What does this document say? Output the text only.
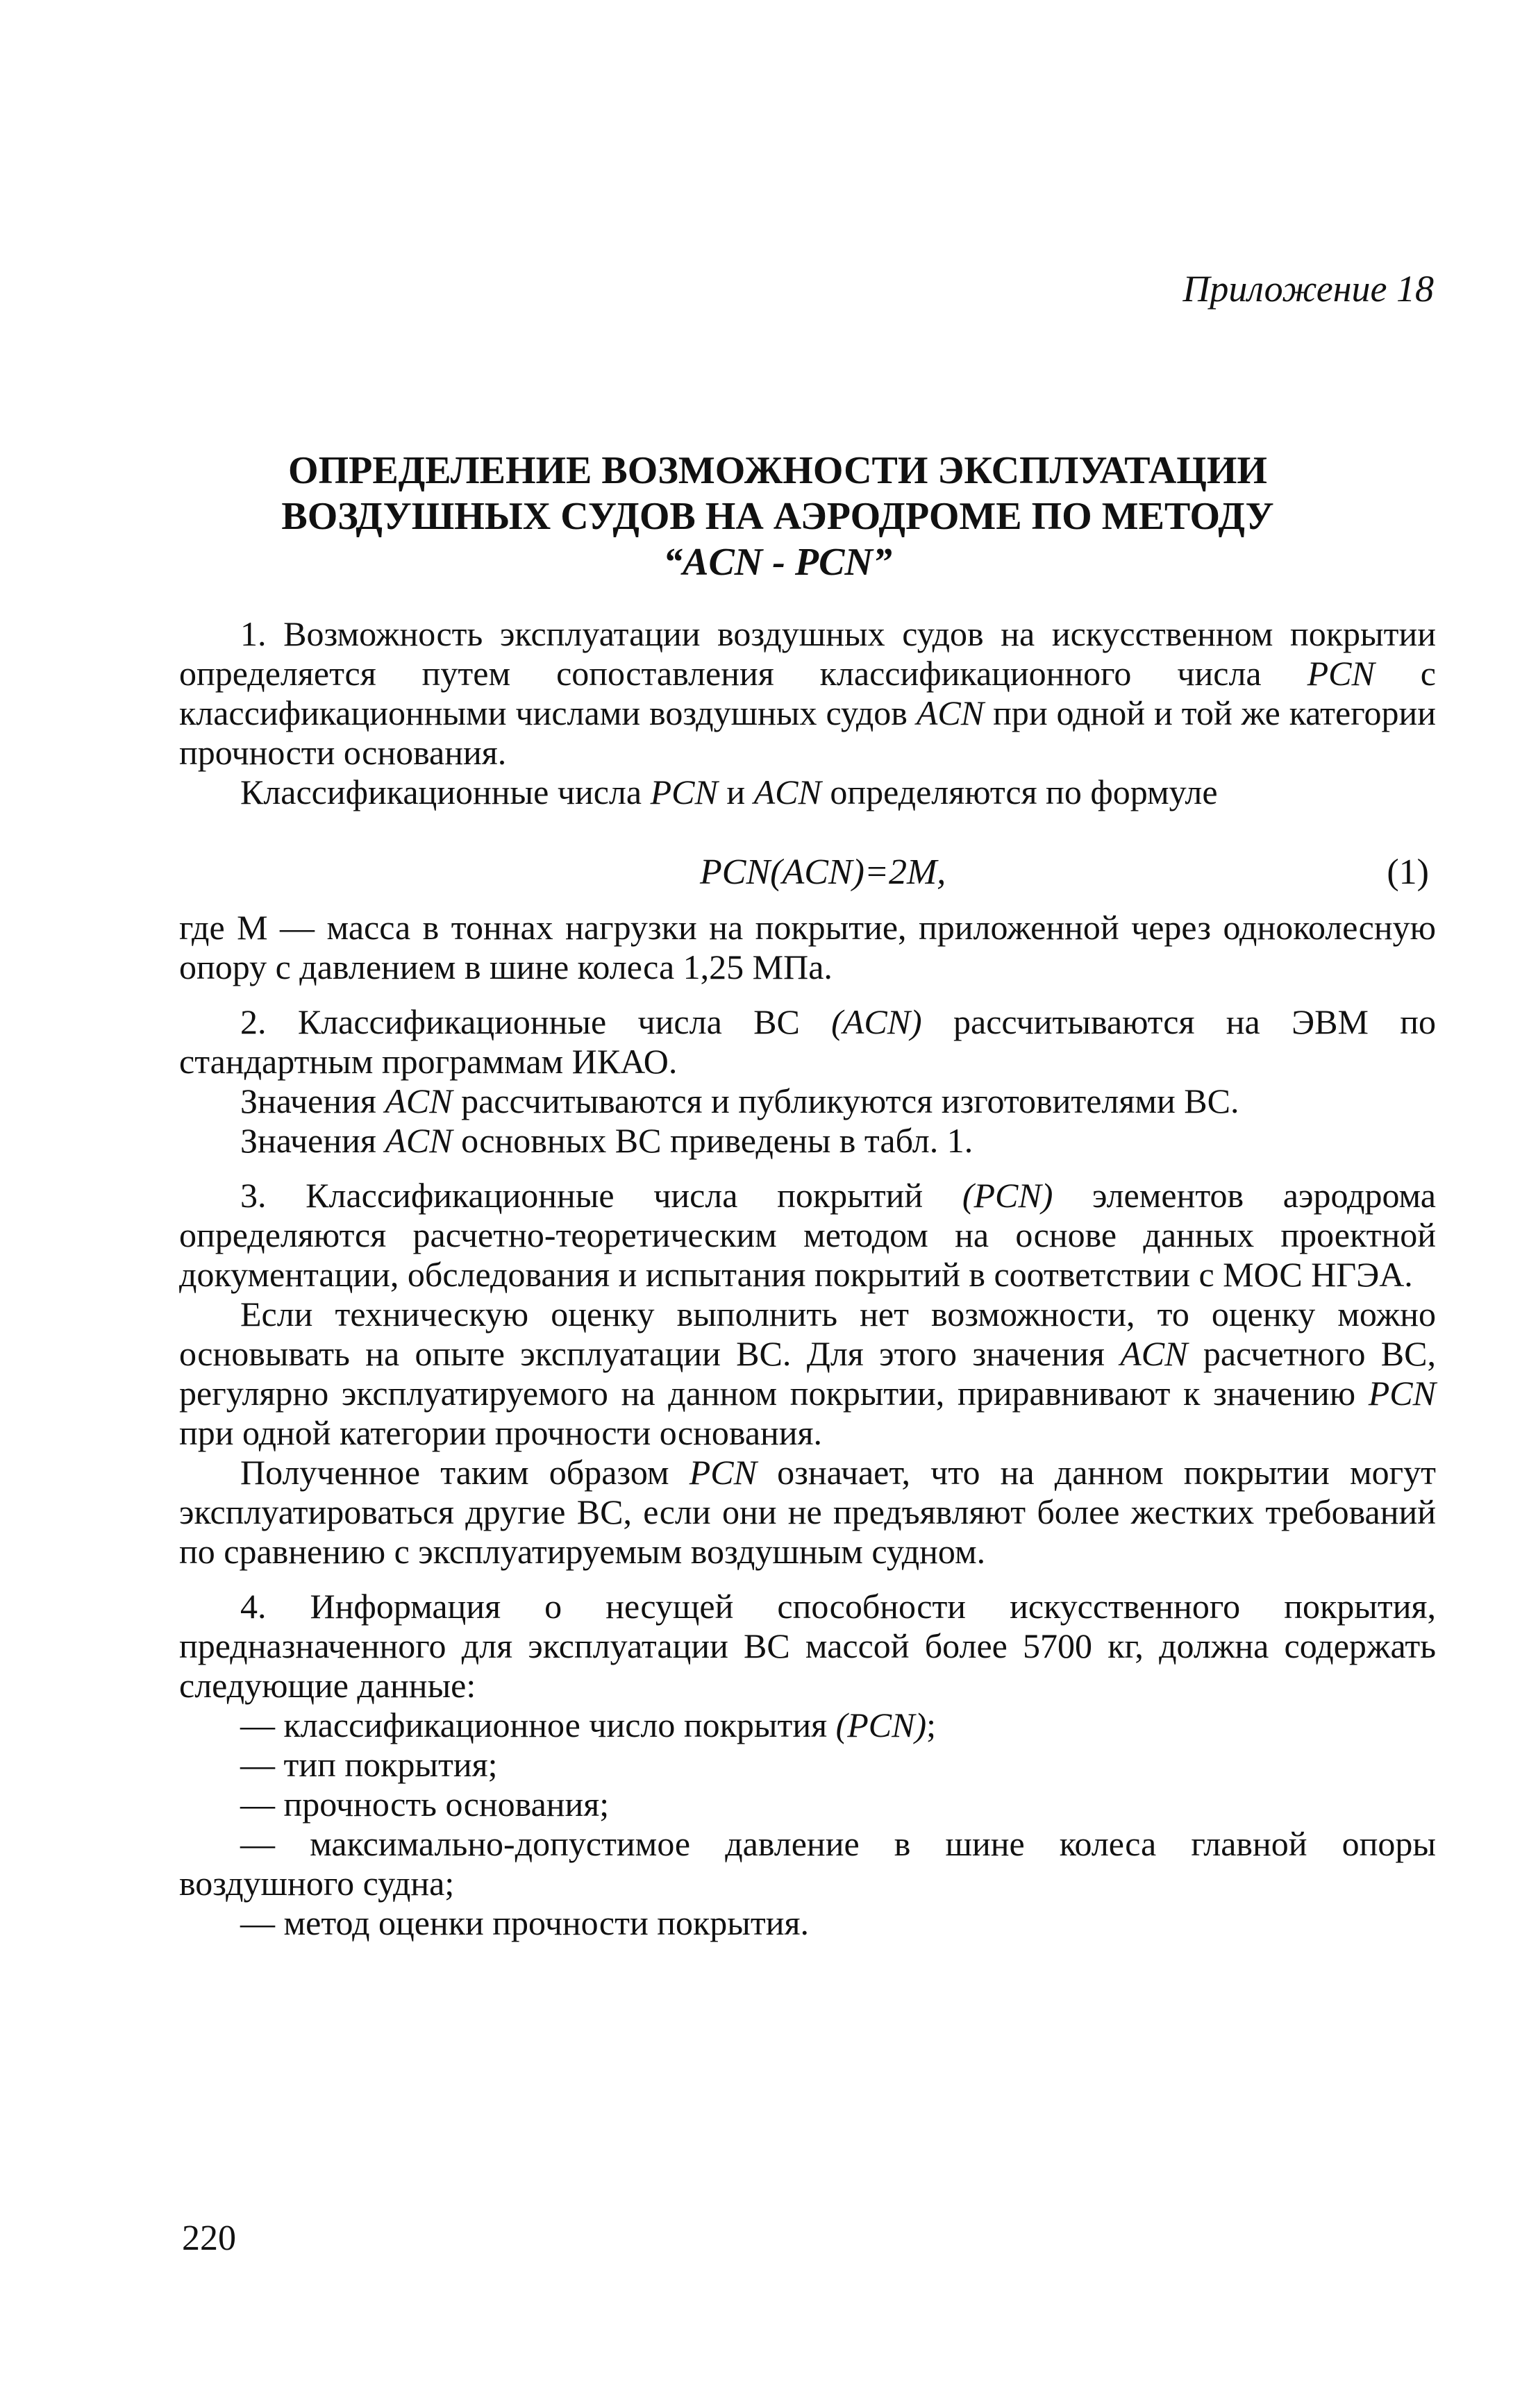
Приложение 18
ОПРЕДЕЛЕНИЕ ВОЗМОЖНОСТИ ЭКСПЛУАТАЦИИ
ВОЗДУШНЫХ СУДОВ НА АЭРОДРОМЕ ПО МЕТОДУ
“ACN - PCN”

1. Возможность эксплуатации воздушных судов на искусственном покрытии определяется путем сопоставления классификационного числа PCN с классификационными числами воздушных судов ACN при одной и той же категории прочности основания.

Классификационные числа PCN и ACN определяются по формуле

PCN(ACN)=2M,	(1)

где М — масса в тоннах нагрузки на покрытие, приложенной через одноколесную опору с давлением в шине колеса 1,25 МПа.

2. Классификационные числа ВС (ACN) рассчитываются на ЭВМ по стандартным программам ИКАО.

Значения ACN рассчитываются и публикуются изготовителями ВС.

Значения ACN основных ВС приведены в табл. 1.

3. Классификационные числа покрытий (PCN) элементов аэродрома определяются расчетно-теоретическим методом на основе данных проектной документации, обследования и испытания покрытий в соответствии с МОС НГЭА.

Если техническую оценку выполнить нет возможности, то оценку можно основывать на опыте эксплуатации ВС. Для этого значения ACN расчетного ВС, регулярно эксплуатируемого на данном покрытии, приравнивают к значению PCN при одной категории прочности основания.

Полученное таким образом PCN означает, что на данном покрытии могут эксплуатироваться другие ВС, если они не предъявляют более жестких требований по сравнению с эксплуатируемым воздушным судном.

4. Информация о несущей способности искусственного покрытия, предназначенного для эксплуатации ВС массой более 5700 кг, должна содержать следующие данные:

— классификационное число покрытия (PCN);

— тип покрытия;

— прочность основания;

— максимально-допустимое давление в шине колеса главной опоры воздушного судна;

— метод оценки прочности покрытия.

220
